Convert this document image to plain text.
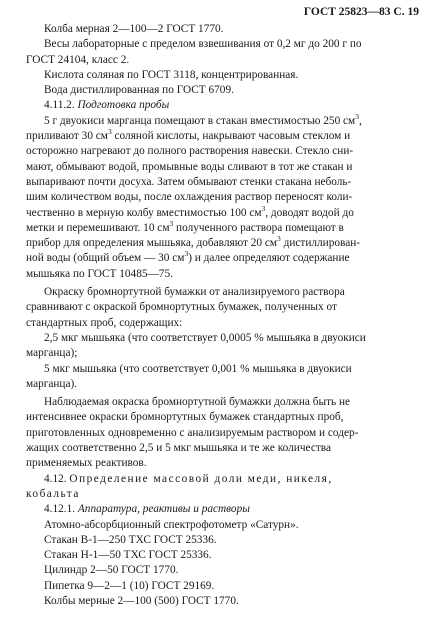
ГОСТ 25823—83 С. 19
Колба мерная 2—100—2 ГОСТ 1770.
Весы лабораторные с пределом взвешивания от 0,2 мг до 200 г по
ГОСТ 24104, класс 2.
Кислота соляная по ГОСТ 3118, концентрированная.
Вода дистиллированная по ГОСТ 6709.
4.11.2. Подготовка пробы
5 г двуокиси марганца помещают в стакан вместимостью 250 $см^3$,
приливают 30 $см^3$ соляной кислоты, накрывают часовым стеклом и
осторожно нагревают до полного растворения навески. Стекло сни-
мают, обмывают водой, промывные воды сливают в тот же стакан и
выпаривают почти досуха. Затем обмывают стенки стакана неболь-
шим количеством воды, после охлаждения раствор переносят коли-
чественно в мерную колбу вместимостью 100 $см^3$, доводят водой до
метки и перемешивают. 10 $см^3$ полученного раствора помещают в
прибор для определения мышьяка, добавляют 20 $см^3$ дистиллирован-
ной воды (общий объем — 30 $см^3$) и далее определяют содержание
мышьяка по ГОСТ 10485—75.
Окраску бромнортутной бумажки от анализируемого раствора
сравнивают с окраской бромнортутных бумажек, полученных от
стандартных проб, содержащих:
2,5 мкг мышьяка (что соответствует 0,0005 % мышьяка в двуокиси
марганца);
5 мкг мышьяка (что соответствует 0,001 % мышьяка в двуокиси
марганца).
Наблюдаемая окраска бромнортутной бумажки должна быть не
интенсивнее окраски бромнортутных бумажек стандартных проб,
приготовленных одновременно с анализируемым раствором и содер-
жащих соответственно 2,5 и 5 мкг мышьяка и те же количества
применяемых реактивов.
4.12. Определение массовой доли меди, никеля,
кобальта
4.12.1. Аппаратура, реактивы и растворы
Атомно-абсорбционный спектрофотометр «Сатурн».
Стакан В-1—250 ТХС ГОСТ 25336.
Стакан Н-1—50 ТХС ГОСТ 25336.
Цилиндр 2—50 ГОСТ 1770.
Пипетка 9—2—1 (10) ГОСТ 29169.
Колбы мерные 2—100 (500) ГОСТ 1770.
